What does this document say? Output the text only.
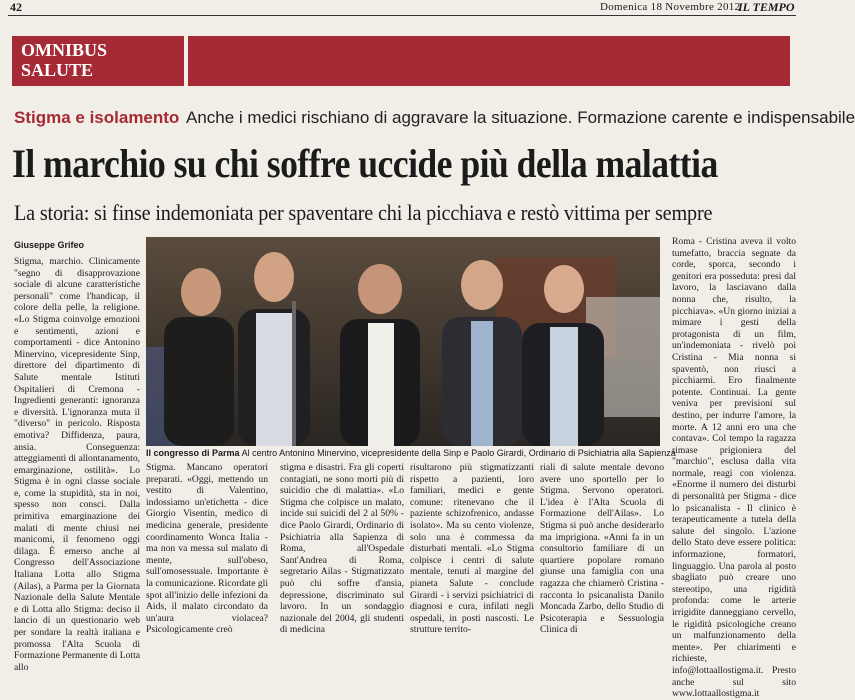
42	Domenica 18 Novembre 2012
IL TEMPO
OMNIBUS
SALUTE
Stigma e isolamento Anche i medici rischiano di aggravare la situazione. Formazione carente e indispensabile
Il marchio su chi soffre uccide più della malattia
La storia: si finse indemoniata per spaventare chi la picchiava e restò vittima per sempre
Giuseppe Grifeo
Il congresso di Parma Al centro Antonino Minervino, vicepresidente della Sinp e Paolo Girardi, Ordinario di Psichiatria alla Sapienza

Stigma, marchio. Clinicamente "segno di disapprovazione sociale di alcune caratteristiche personali" come l'handicap, il colore della pelle, la religione. «Lo Stigma coinvolge emozioni e sentimenti, azioni e comportamenti - dice Antonino Minervino, vicepresidente Sinp, direttore del dipartimento di Salute mentale Istituti Ospitalieri di Cremona - Ingredienti generanti: ignoranza e diversità. L'ignoranza muta il "diverso" in pericolo. Risposta emotiva? Diffidenza, paura, ansia. Conseguenza: atteggiamenti di allontanamento, emarginazione, ostilità». Lo Stigma è in ogni classe sociale e, come la stupidità, sta in noi, spesso non consci. Dalla primitiva emarginazione dei malati di mente chiusi nei manicomi, il fenomeno oggi dilaga. È emerso anche al Congresso dell'Associazione Italiana Lotta allo Stigma (Ailas), a Parma per la Giornata Nazionale della Salute Mentale e di Lotta allo Stigma: deciso il lancio di un questionario web per sondare la realtà italiana e promossa l'Alta Scuola di Formazione Permanente di Lotta allo

Stigma. Mancano operatori preparati. «Oggi, mettendo un vestito di Valentino, indossiamo un'etichetta - dice Giorgio Visentin, medico di medicina generale, presidente coordinamento Wonca Italia - ma non va messa sul malato di mente, sull'obeso, sull'omosessuale. Importante è la comunicazione. Ricordate gli spot all'inizio delle infezioni da Aids, il malato circondato da un'aura violacea? Psicologicamente creò

stigma e disastri. Fra gli coperti contagiati, ne sono morti più di suicidio che di malattia». «Lo Stigma che colpisce un malato, incide sui suicidi del 2 al 50% - dice Paolo Girardi, Ordinario di Psichiatria alla Sapienza di Roma, all'Ospedale Sant'Andrea di Roma, segretario Ailas - Stigmatizzato può chi soffre d'ansia, depressione, discriminato sul lavoro. In un sondaggio nazionale del 2004, gli studenti di medicina

risultarono più stigmatizzanti rispetto a pazienti, loro familiari, medici e gente comune: ritenevano che il paziente schizofrenico, andasse isolato». Ma su cento violenze, solo una è commessa da disturbati mentali. «Lo Stigma colpisce i centri di salute mentale, tenuti al margine del pianeta Salute - conclude Girardi - i servizi psichiatrici di diagnosi e cura, infilati negli ospedali, in posti nascosti. Le strutture territo-

riali di salute mentale devono avere uno sportello per lo Stigma. Servono operatori. L'idea è l'Alta Scuola di Formazione dell'Ailas». Lo Stigma si può anche desiderarlo ma imprigiona. «Anni fa in un consultorio familiare di un quartiere popolare romano giunse una famiglia con una ragazza che chiamerò Cristina - racconta lo psicanalista Danilo Moncada Zarbo, dello Studio di Psicoterapia e Sessuologia Clinica di

Roma - Cristina aveva il volto tumefatto, braccia segnate da corde, sporca, secondo i genitori era posseduta: presi dal lavoro, la lasciavano dalla nonna che, risulto, la picchiava». «Un giorno iniziai a mimare i gesti della protagonista di un film, un'indemoniata - rivelò poi Cristina - Mia nonna si spaventò, non riuscì a picchiarmi. Ero finalmente potente. Continuai. La gente veniva per previsioni sul destino, per indurre l'amore, la morte. A 12 anni ero una che contava». Col tempo la ragazza rimase prigioniera del "marchio", esclusa dalla vita normale, reagì con violenza. «Enorme il numero dei disturbi di personalità per Stigma - dice lo psicanalista - Il clinico è terapeuticamente a tutela della salute del singolo. L'azione dello Stato deve essere politica: informazione, formatori, linguaggio. Una parola al posto sbagliato può creare uno stereotipo, una rigidità profonda: come le arterie irrigidite danneggiano cervello, le rigidità psicologiche creano un malfunzionamento della mente». Per chiarimenti e richieste, info@lottaallostigma.it. Presto anche sul sito www.lottaallostigma.it
